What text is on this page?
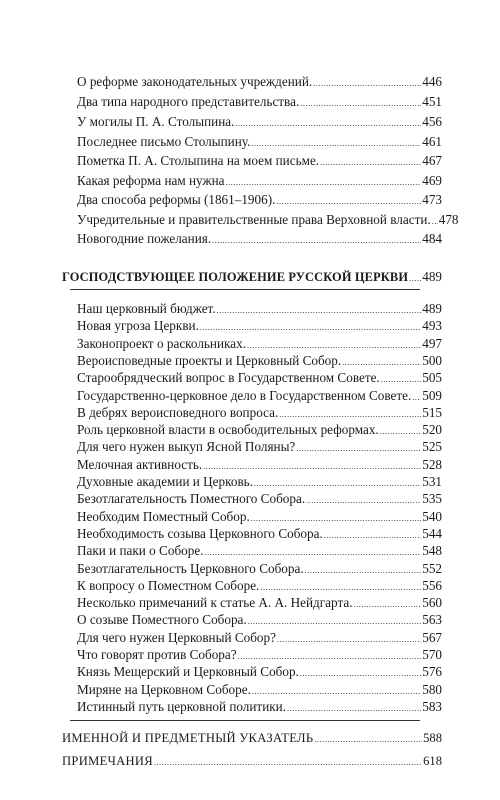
О реформе законодательных учреждений. .....	446
Два типа народного представительства. .....	451
У могилы П. А. Столыпина. .....	456
Последнее письмо Столыпину. .....	461
Пометка П. А. Столыпина на моем письме. .....	467
Какая реформа нам нужна .....	469
Два способа реформы (1861–1906). .....	473
Учредительные и правительственные права Верховной власти. ..... 478
Новогодние пожелания. .....	484
ГОСПОДСТВУЮЩЕЕ ПОЛОЖЕНИЕ РУССКОЙ ЦЕРКВИ ..... 489
Наш церковный бюджет. .....	489
Новая угроза Церкви. .....	493
Законопроект о раскольниках. .....	497
Вероисповедные проекты и Церковный Собор. .....	500
Старообрядческий вопрос в Государственном Совете. .....	505
Государственно-церковное дело в Государственном Совете. ..... 509
В дебрях вероисповедного вопроса. .....	515
Роль церковной власти в освободительных реформах. .....	520
Для чего нужен выкуп Ясной Поляны? .....	525
Мелочная активность. .....	528
Духовные академии и Церковь. .....	531
Безотлагательность Поместного Собора. .....	535
Необходим Поместный Собор. .....	540
Необходимость созыва Церковного Собора. .....	544
Паки и паки о Соборе. .....	548
Безотлагательность Церковного Собора. .....	552
К вопросу о Поместном Соборе. .....	556
Несколько примечаний к статье А. А. Нейдгарта. .....	560
О созыве Поместного Собора. .....	563
Для чего нужен Церковный Собор? .....	567
Что говорят против Собора? .....	570
Князь Мещерский и Церковный Собор. .....	576
Миряне на Церковном Соборе. .....	580
Истинный путь церковной политики. .....	583
ИМЕННОЙ И ПРЕДМЕТНЫЙ УКАЗАТЕЛЬ .....	588
ПРИМЕЧАНИЯ .....	618
